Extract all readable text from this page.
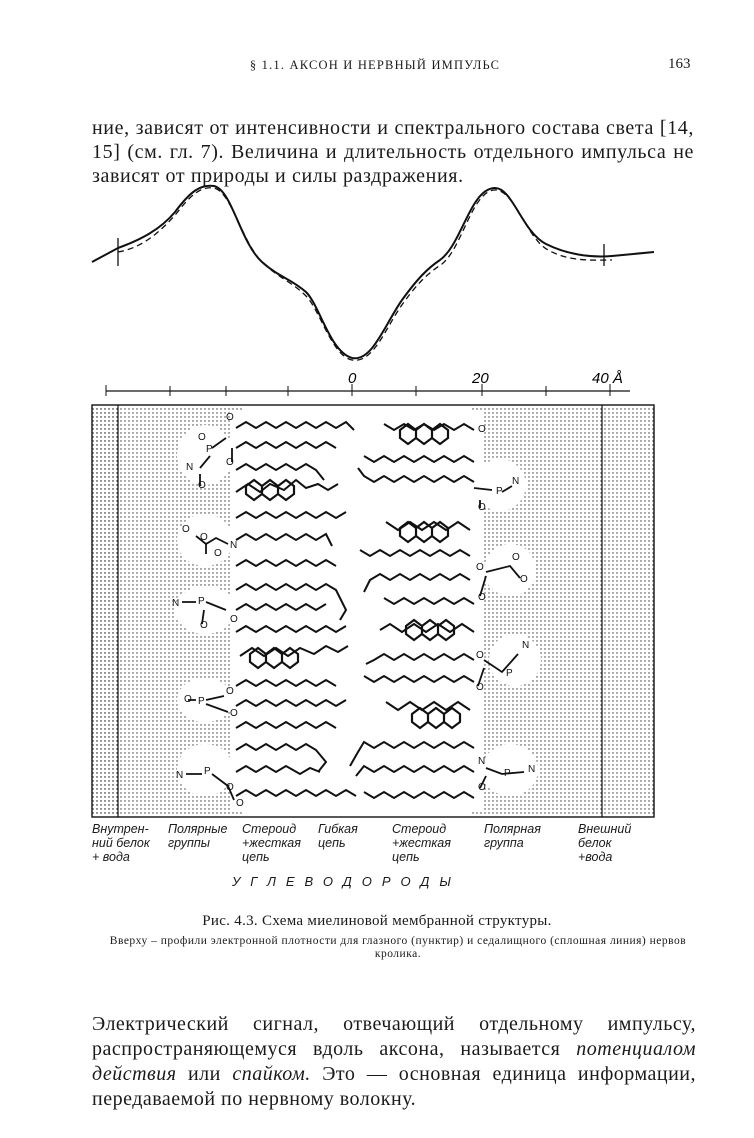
§ 1.1. АКСОН И НЕРВНЫЙ ИМПУЛЬС	163

ние, зависят от интенсивности и спектрального состава света [14, 15] (см. гл. 7). Величина и длительность отдельного импульса не зависят от природы и силы раздражения.

0	20	40 Å
O
O
P
N
O
O
O
O
O
N
N P
O
O
O P
O
O
N P
O
O
O
P
N
O
O
O
O
O
O
P
N
O
N
P N
O
Внутрен-
ний белок
+ вода
Полярные
группы
Стероид
+жесткая
цепь
Гибкая
цепь
Стероид
+жесткая
цепь
Полярная
группа
Внешний
белок
+вода
УГЛЕВОДОРОДЫ
Рис. 4.3. Схема миелиновой мембранной структуры.
Вверху – профили электронной плотности для глазного (пунктир) и седалищного (сплошная линия) нервов кролика.

Электрический сигнал, отвечающий отдельному импульсу, распространяющемуся вдоль аксона, называется потенциалом действия или спайком. Это — основная единица информации, передаваемой по нервному волокну.
